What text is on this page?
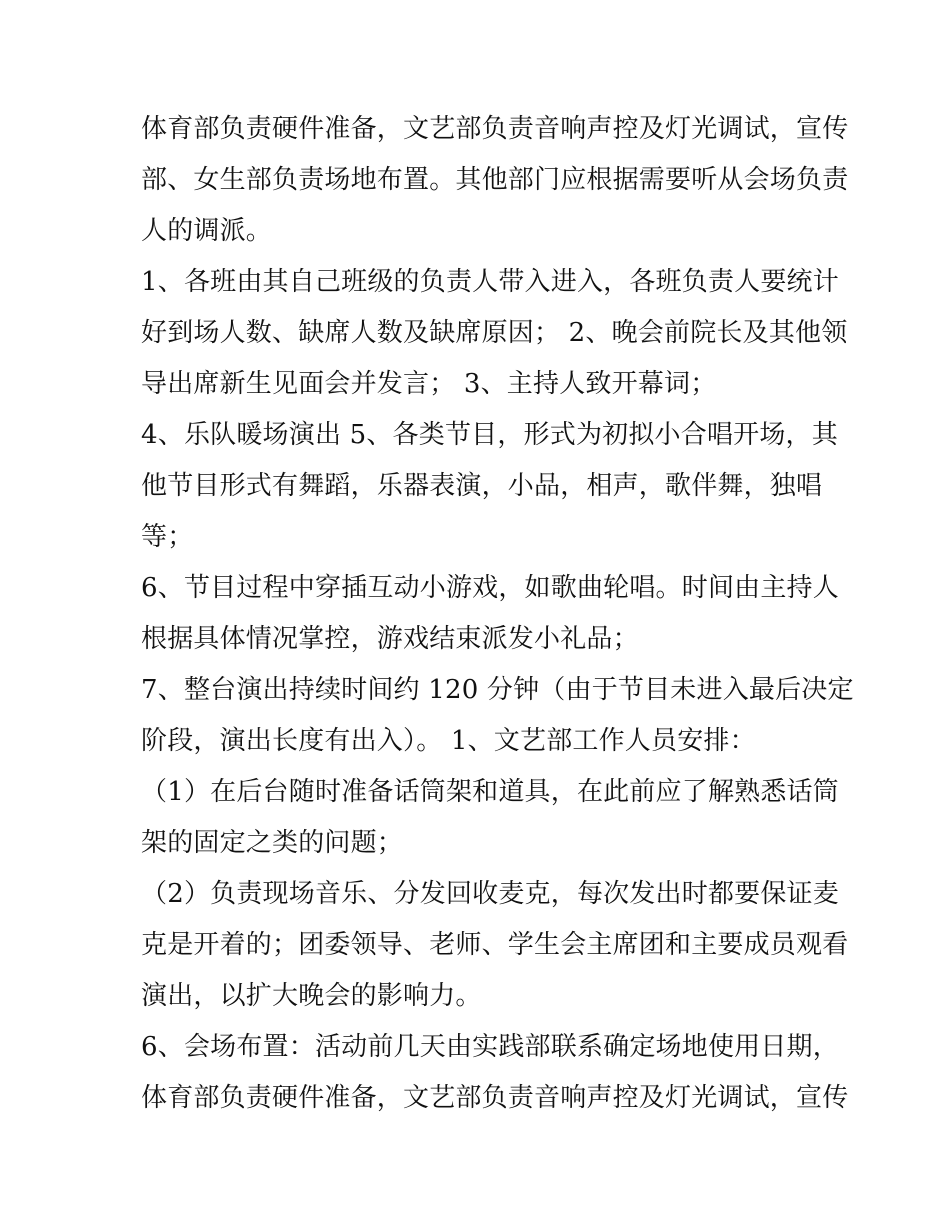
体育部负责硬件准备，文艺部负责音响声控及灯光调试，宣传
部、女生部负责场地布置。其他部门应根据需要听从会场负责
人的调派。
1、各班由其自己班级的负责人带入进入，各班负责人要统计
好到场人数、缺席人数及缺席原因； 2、晚会前院长及其他领
导出席新生见面会并发言； 3、主持人致开幕词；
4、乐队暖场演出 5、各类节目，形式为初拟小合唱开场，其
他节目形式有舞蹈，乐器表演，小品，相声，歌伴舞，独唱
等；
6、节目过程中穿插互动小游戏，如歌曲轮唱。时间由主持人
根据具体情况掌控，游戏结束派发小礼品；
7、整台演出持续时间约 120 分钟（由于节目未进入最后决定
阶段，演出长度有出入）。 1、文艺部工作人员安排：
（1）在后台随时准备话筒架和道具，在此前应了解熟悉话筒
架的固定之类的问题；
（2）负责现场音乐、分发回收麦克，每次发出时都要保证麦
克是开着的；团委领导、老师、学生会主席团和主要成员观看
演出，以扩大晚会的影响力。
6、会场布置：活动前几天由实践部联系确定场地使用日期，
体育部负责硬件准备，文艺部负责音响声控及灯光调试，宣传
